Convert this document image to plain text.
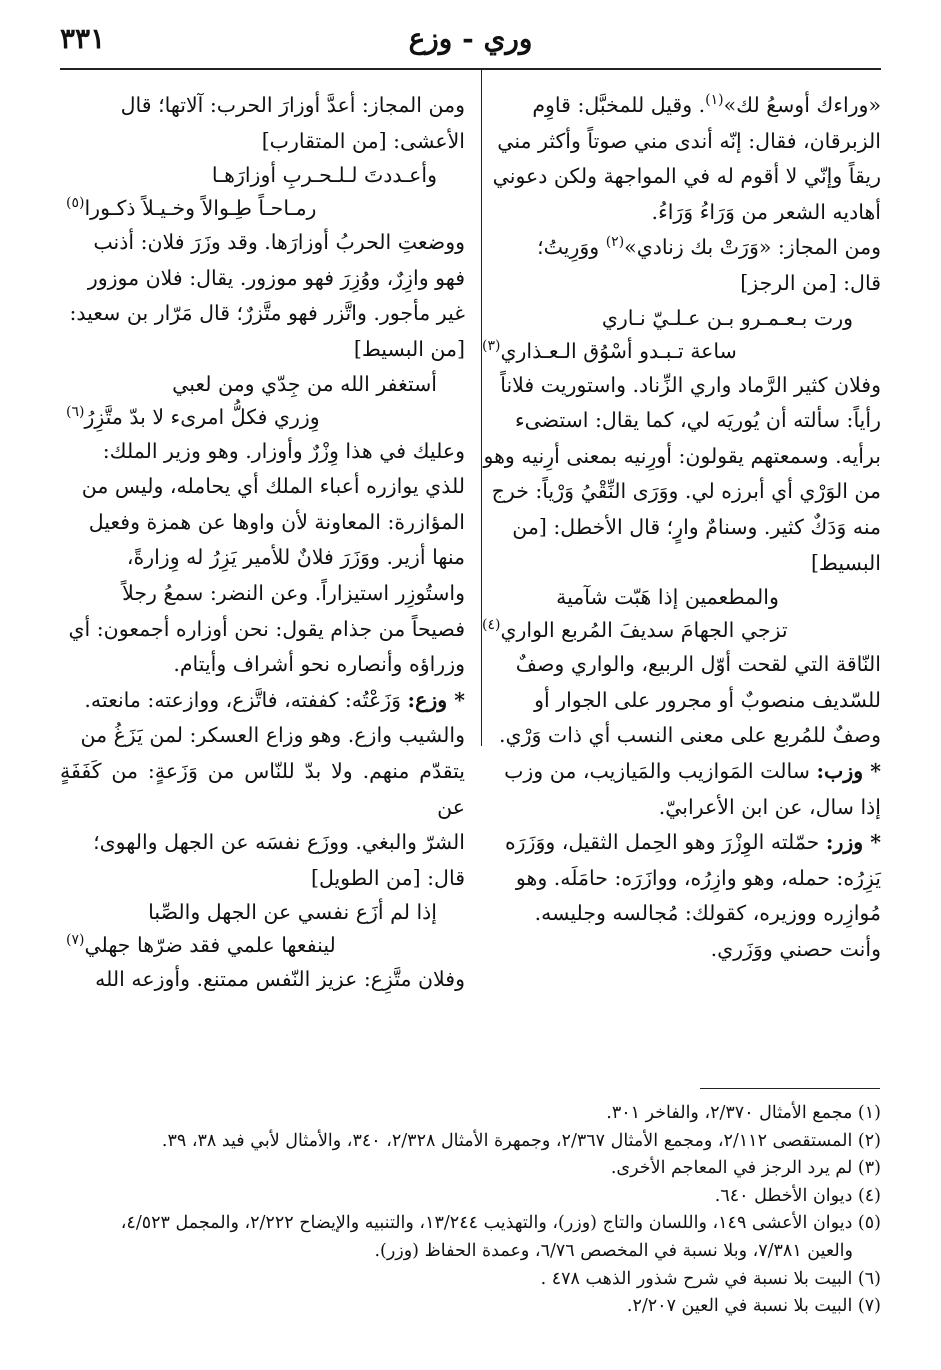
٣٣١	وري - وزع

«وراءك أوسعُ لك»$^{(١)}$. وقيل للمخبَّل: قاوِم

الزبرقان، فقال: إنّه أندى مني صوتاً وأكثر مني

ريقاً وإنّي لا أقوم له في المواجهة ولكن دعوني

أهاديه الشعر من وَرَاءُ وَرَاءُ.

ومن المجاز: «وَرَتْ بك زنادي»$^{(٢)}$ ووَرِيتُ؛

قال: [من الرجز]

ورت بـعـمـرو بـن عـلـيّ نـاري

ساعة تـبـدو أسْوُق الـعـذاري$^{(٣)}$

وفلان كثير الرَّماد واري الزِّناد. واستوريت فلاناً

رأياً: سألته أن يُوريَه لي، كما يقال: استضىء

برأيه. وسمعتهم يقولون: أورِنيه بمعنى أرِنيه وهو

من الوَرْي أي أبرزه لي. ووَرَى النِّقْيُ وَرْياً: خرج

منه وَدَكٌ كثير. وسنامٌ وارٍ؛ قال الأخطل: [من

البسيط]

والمطعمين إذا هَبّت شآمية

تزجي الجهامَ سديفَ المُربع الواري$^{(٤)}$

النّاقة التي لقحت أوّل الربيع، والواري وصفٌ

للسّديف منصوبٌ أو مجرور على الجوار أو

وصفٌ للمُربع على معنى النسب أي ذات وَرْي.

* وزب: سالت المَوازيب والمَيازيب، من وزب

إذا سال، عن ابن الأعرابيّ.

* وزر: حمّلته الوِزْرَ وهو الحِمل الثقيل، ووَزَرَه

يَزِرُه: حمله، وهو وازِرُه، ووازَرَه: حامَلَه. وهو

مُوازِره ووزيره، كقولك: مُجالسه وجليسه.

وأنت حصني ووَزَري.

ومن المجاز: أعدَّ أوزارَ الحرب: آلاتها؛ قال

الأعشى: [من المتقارب]

وأعـددتَ لـلـحـربِ أوزارَهـا

رمـاحـاً طِـوالاً وخـيـلاً ذكـورا$^{(٥)}$

ووضعتِ الحربُ أوزارَها. وقد وزَرَ فلان: أذنب

فهو وازِرٌ، ووُزِرَ فهو موزور. يقال: فلان موزور

غير مأجور. واتَّزر فهو متَّزرٌ؛ قال مَرّار بن سعيد:

[من البسيط]

أستغفر الله من جِدّي ومن لعبي

وِزري فكلُّ امرىء لا بدّ متَّزِرُ$^{(٦)}$

وعليك في هذا وِزْرٌ وأوزار. وهو وزير الملك:

للذي يوازره أعباء الملك أي يحامله، وليس من

المؤازرة: المعاونة لأن واوها عن همزة وفعيل

منها أزير. ووَزَرَ فلانٌ للأمير يَزِرُ له وِزارةً،

واستُوزِر استيزاراً. وعن النضر: سمعُ رجلاً

فصيحاً من جذام يقول: نحن أوزاره أجمعون: أي

وزراؤه وأنصاره نحو أشراف وأيتام.

* وزع: وَزَعْتُه: كففته، فاتَّزع، ووازعته: مانعته.

والشيب وازع. وهو وزاع العسكر: لمن يَزَغُ من

يتقدّم منهم. ولا بدّ للنّاس من وَزَعةٍ: من كَفَفَةٍ عن

الشرّ والبغي. ووزَع نفسَه عن الجهل والهوى؛

قال: [من الطويل]

إذا لم أزَع نفسي عن الجهل والصِّبا

لينفعها علمي فقد ضرّها جهلي$^{(٧)}$

وفلان متَّزِع: عزيز النّفس ممتنع. وأوزعه الله

(١) مجمع الأمثال ٢/٣٧٠، والفاخر ٣٠١.

(٢) المستقصى ٢/١١٢، ومجمع الأمثال ٢/٣٦٧، وجمهرة الأمثال ٢/٣٢٨، ٣٤٠، والأمثال لأبي فيد ٣٨، ٣٩.

(٣) لم يرد الرجز في المعاجم الأخرى.

(٤) ديوان الأخطل ٦٤٠.

(٥) ديوان الأعشى ١٤٩، واللسان والتاج (وزر)، والتهذيب ١٣/٢٤٤، والتنبيه والإيضاح ٢/٢٢٢، والمجمل ٤/٥٢٣،

والعين ٧/٣٨١، وبلا نسبة في المخصص ٦/٧٦، وعمدة الحفاظ (وزر).

(٦) البيت بلا نسبة في شرح شذور الذهب ٤٧٨ .

(٧) البيت بلا نسبة في العين ٢/٢٠٧.
